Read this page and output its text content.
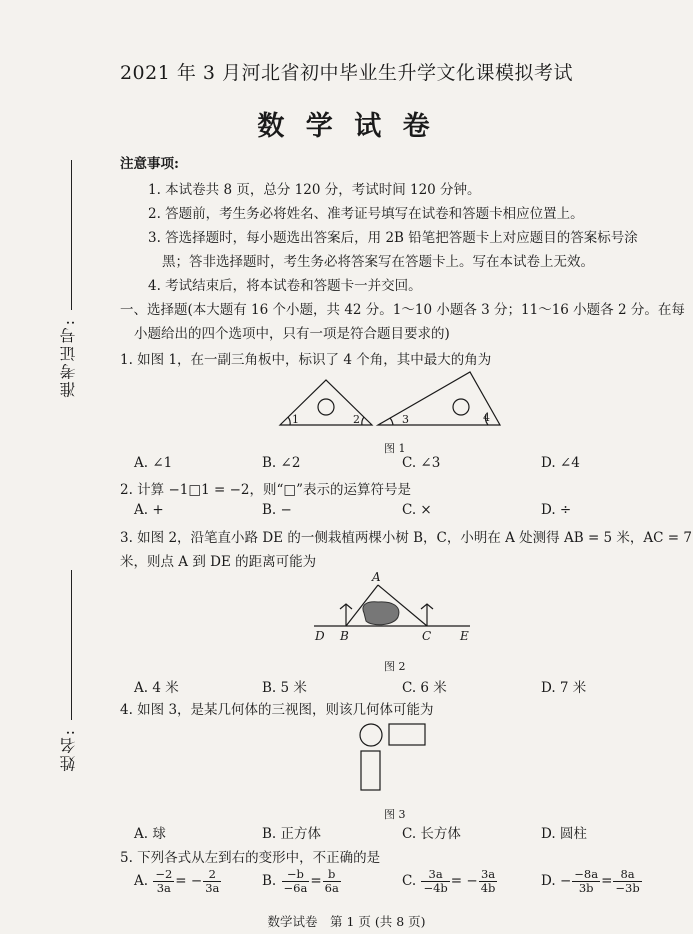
2021 年 3 月河北省初中毕业生升学文化课模拟考试
数 学 试 卷
准考证号:
姓名:
注意事项:
1. 本试卷共 8 页，总分 120 分，考试时间 120 分钟。
2. 答题前，考生务必将姓名、准考证号填写在试卷和答题卡相应位置上。
3. 答选择题时，每小题选出答案后，用 2B 铅笔把答题卡上对应题目的答案标号涂
黑；答非选择题时，考生务必将答案写在答题卡上。写在本试卷上无效。
4. 考试结束后，将本试卷和答题卡一并交回。
一、选择题(本大题有 16 个小题，共 42 分。1～10 小题各 3 分；11～16 小题各 2 分。在每
小题给出的四个选项中，只有一项是符合题目要求的)
1. 如图 1，在一副三角板中，标识了 4 个角，其中最大的角为
1	2	3	4
图 1
A. ∠1	B. ∠2	C. ∠3	D. ∠4
2. 计算 −1□1 = −2，则“□”表示的运算符号是
A. +	B. −	C. ×	D. ÷
3. 如图 2，沿笔直小路 DE 的一侧栽植两棵小树 B，C，小明在 A 处测得 AB = 5 米，AC = 7
米，则点 A 到 DE 的距离可能为
A
B	C
D	E
图 2
A. 4 米	B. 5 米	C. 6 米	D. 7 米
4. 如图 3，是某几何体的三视图，则该几何体可能为
图 3
A. 球	B. 正方体	C. 长方体	D. 圆柱
5. 下列各式从左到右的变形中，不正确的是
A. $\frac{-2}{3a}$ = − $\frac{2}{3a}$	B. $\frac{-b}{-6a} = \frac{b}{6a}$	C. $\frac{3a}{-4b}$ = − $\frac{3a}{4b}$	D. − $\frac{-8a}{3b} = \frac{8a}{-3b}$
数学试卷　第 1 页 (共 8 页)
